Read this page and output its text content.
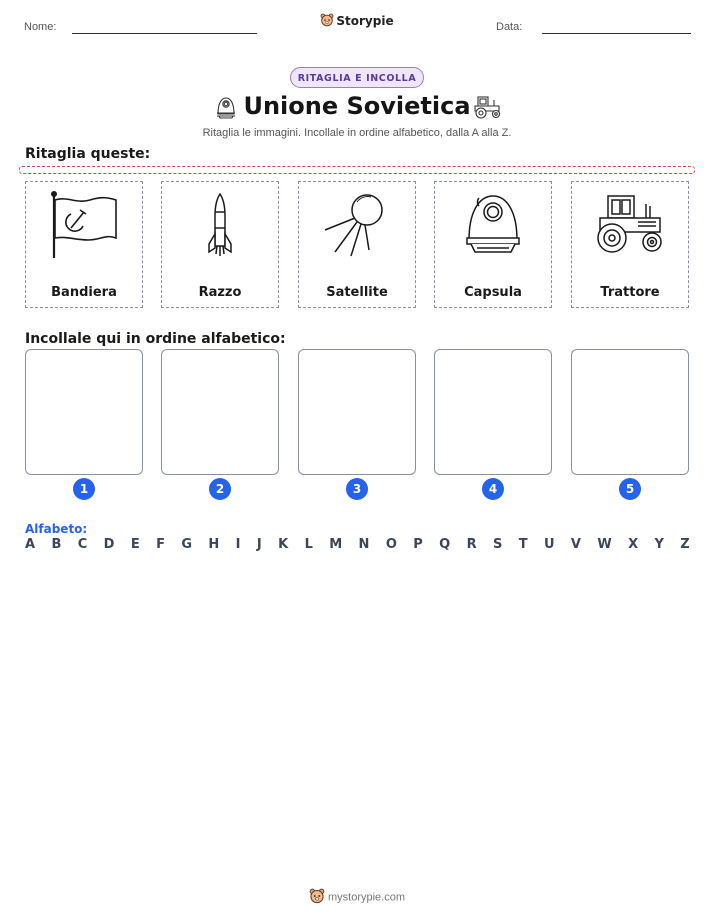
Nome:	Storypie	Data:
RITAGLIA E INCOLLA
Unione Sovietica
Ritaglia le immagini. Incollale in ordine alfabetico, dalla A alla Z.
Ritaglia queste:
Bandiera	Razzo	Satellite	Capsula	Trattore
Incollale qui in ordine alfabetico:
1	2	3	4	5
Alfabeto:
A B C D E F G H I J K L M N O P Q R S T U V W X Y Z
mystorypie.com
